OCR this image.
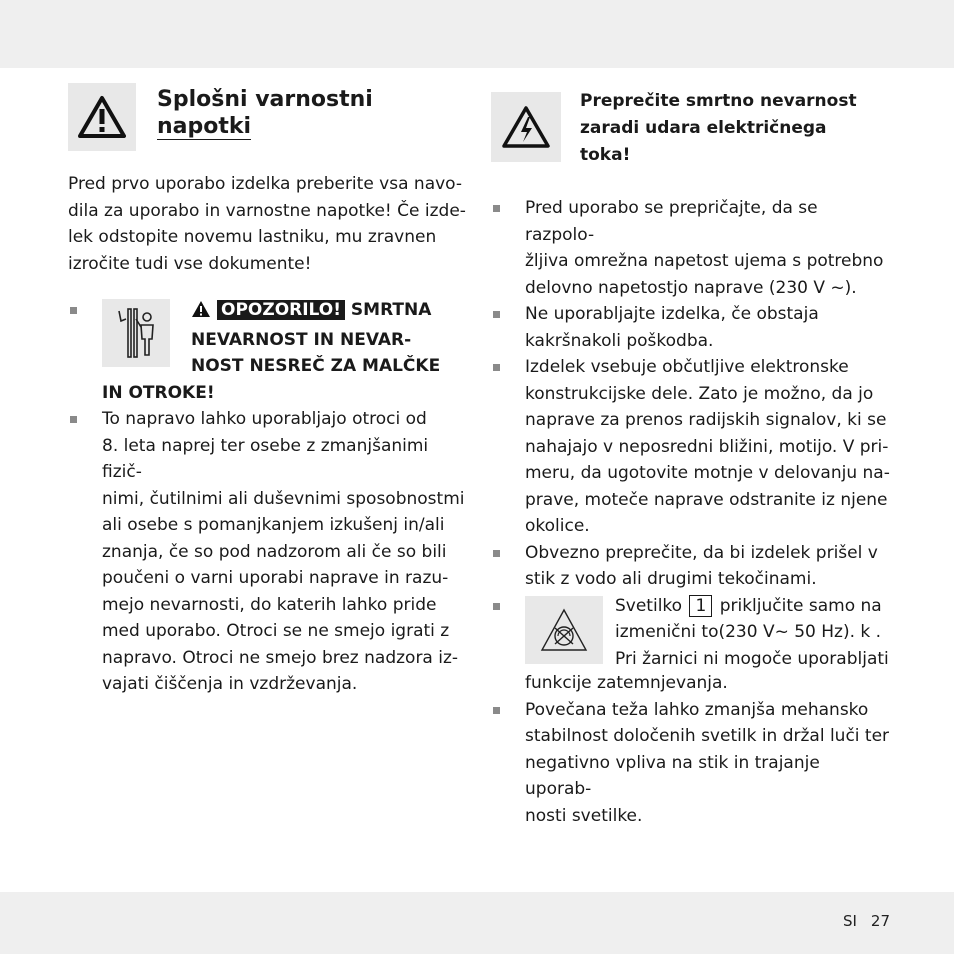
Splošni varnostni
napotki
Pred prvo uporabo izdelka preberite vsa navo-
dila za uporabo in varnostne napotke! Če izde-
lek odstopite novemu lastniku, mu zravnen
izročite tudi vse dokumente!
OPOZORILO! SMRTNA
NEVARNOST IN NEVAR-
NOST NESREČ ZA MALČKE
IN OTROKE!
To napravo lahko uporabljajo otroci od
8. leta naprej ter osebe z zmanjšanimi fizič-
nimi, čutilnimi ali duševnimi sposobnostmi
ali osebe s pomanjkanjem izkušenj in/ali
znanja, če so pod nadzorom ali če so bili
poučeni o varni uporabi naprave in razu-
mejo nevarnosti, do katerih lahko pride
med uporabo. Otroci se ne smejo igrati z
napravo. Otroci ne smejo brez nadzora iz-
vajati čiščenja in vzdrževanja.
Preprečite smrtno nevarnost
zaradi udara električnega
toka!
Pred uporabo se prepričajte, da se razpolo-
žljiva omrežna napetost ujema s potrebno
delovno napetostjo naprave (230 V ~).
Ne uporabljajte izdelka, če obstaja
kakršnakoli poškodba.
Izdelek vsebuje občutljive elektronske
konstrukcijske dele. Zato je možno, da jo
naprave za prenos radijskih signalov, ki se
nahajajo v neposredni bližini, motijo. V pri-
meru, da ugotovite motnje v delovanju na-
prave, moteče naprave odstranite iz njene
okolice.
Obvezno preprečite, da bi izdelek prišel v
stik z vodo ali drugimi tekočinami.
Svetilko 1 priključite samo na
izmenični to(230 V~ 50 Hz). k .
Pri žarnici ni mogoče uporabljati
funkcije zatemnjevanja.
Povečana teža lahko zmanjša mehansko
stabilnost določenih svetilk in držal luči ter
negativno vpliva na stik in trajanje uporab-
nosti svetilke.
SI 27
